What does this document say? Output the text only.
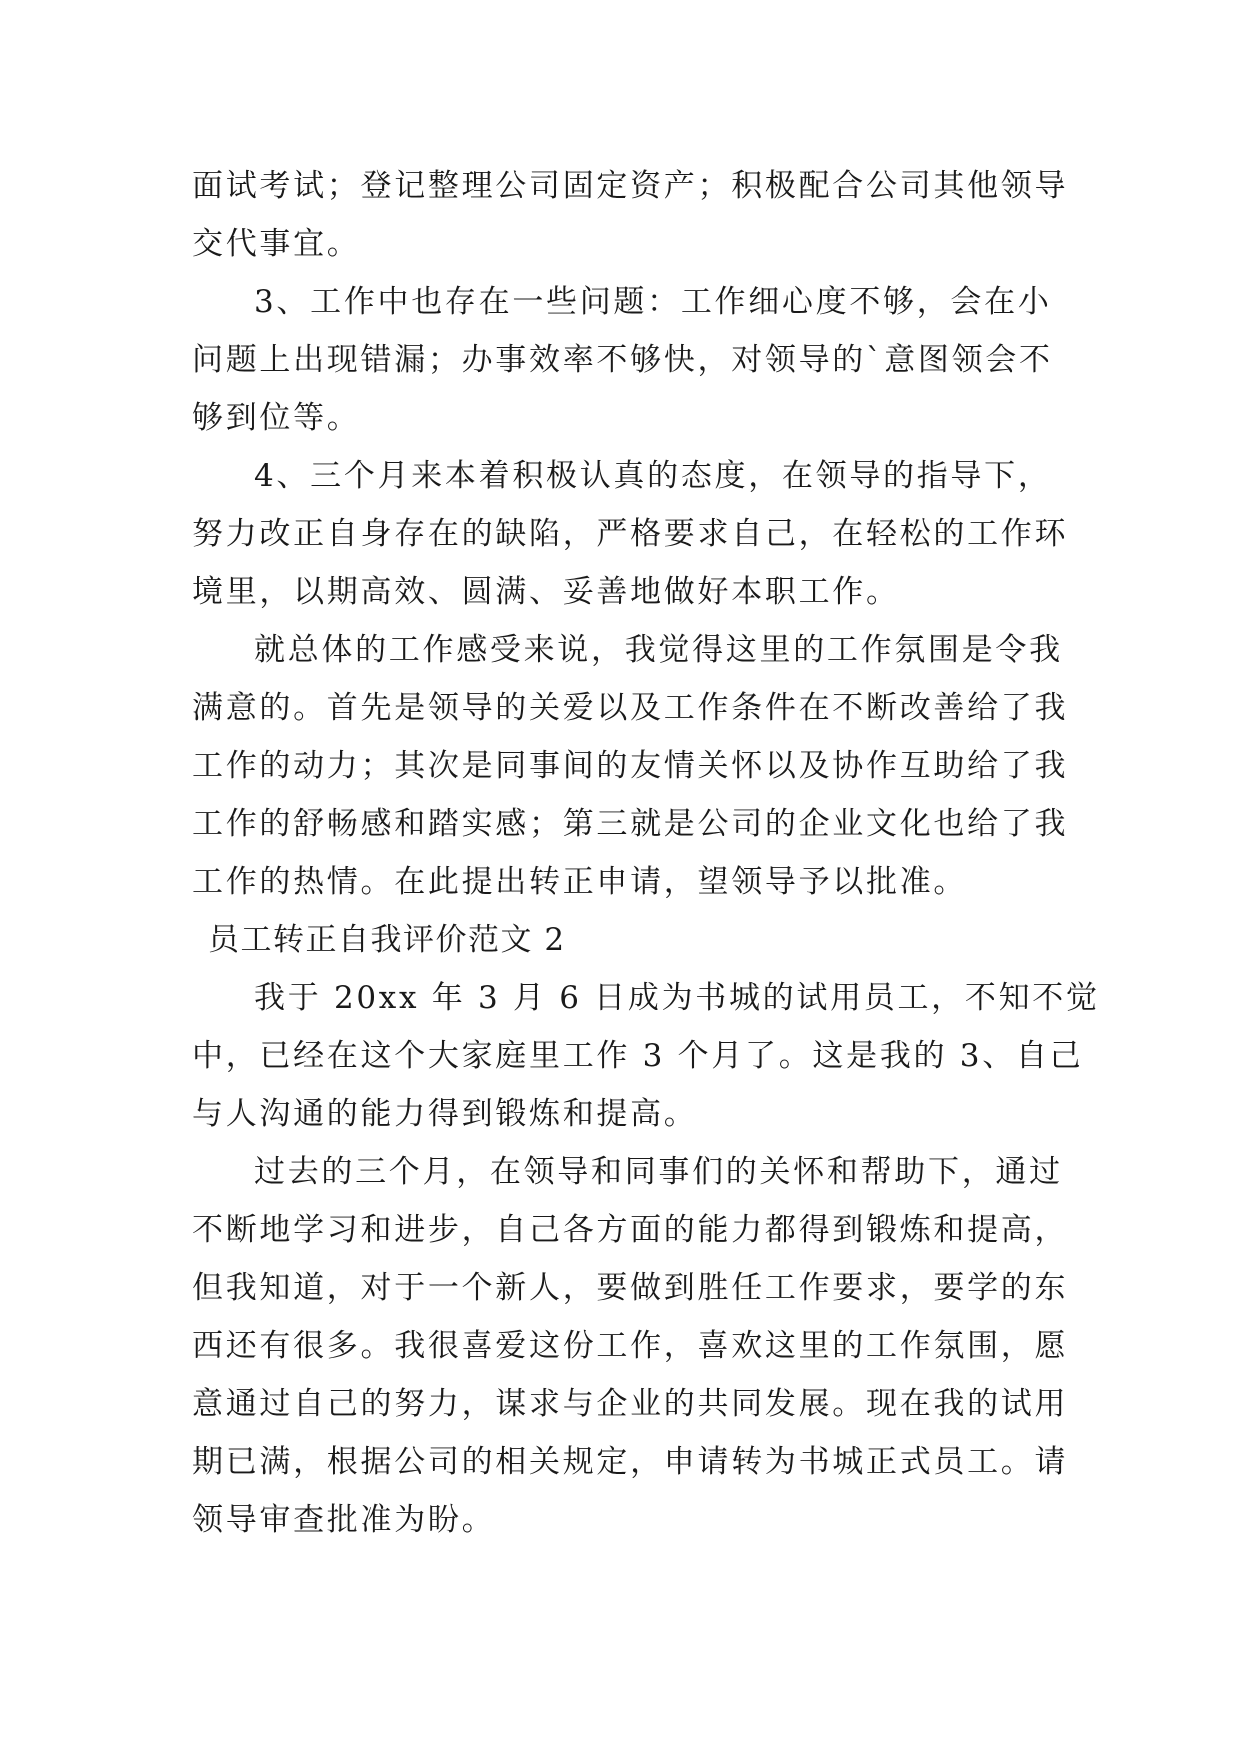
面试考试；登记整理公司固定资产；积极配合公司其他领导
交代事宜。
3、工作中也存在一些问题：工作细心度不够，会在小
问题上出现错漏；办事效率不够快，对领导的`意图领会不
够到位等。
4、三个月来本着积极认真的态度，在领导的指导下，
努力改正自身存在的缺陷，严格要求自己，在轻松的工作环
境里，以期高效、圆满、妥善地做好本职工作。
就总体的工作感受来说，我觉得这里的工作氛围是令我
满意的。首先是领导的关爱以及工作条件在不断改善给了我
工作的动力；其次是同事间的友情关怀以及协作互助给了我
工作的舒畅感和踏实感；第三就是公司的企业文化也给了我
工作的热情。在此提出转正申请，望领导予以批准。
员工转正自我评价范文 2
我于 20xx 年 3 月 6 日成为书城的试用员工，不知不觉
中，已经在这个大家庭里工作 3 个月了。这是我的 3、自己
与人沟通的能力得到锻炼和提高。
过去的三个月，在领导和同事们的关怀和帮助下，通过
不断地学习和进步，自己各方面的能力都得到锻炼和提高，
但我知道，对于一个新人，要做到胜任工作要求，要学的东
西还有很多。我很喜爱这份工作，喜欢这里的工作氛围，愿
意通过自己的努力，谋求与企业的共同发展。现在我的试用
期已满，根据公司的相关规定，申请转为书城正式员工。请
领导审查批准为盼。
